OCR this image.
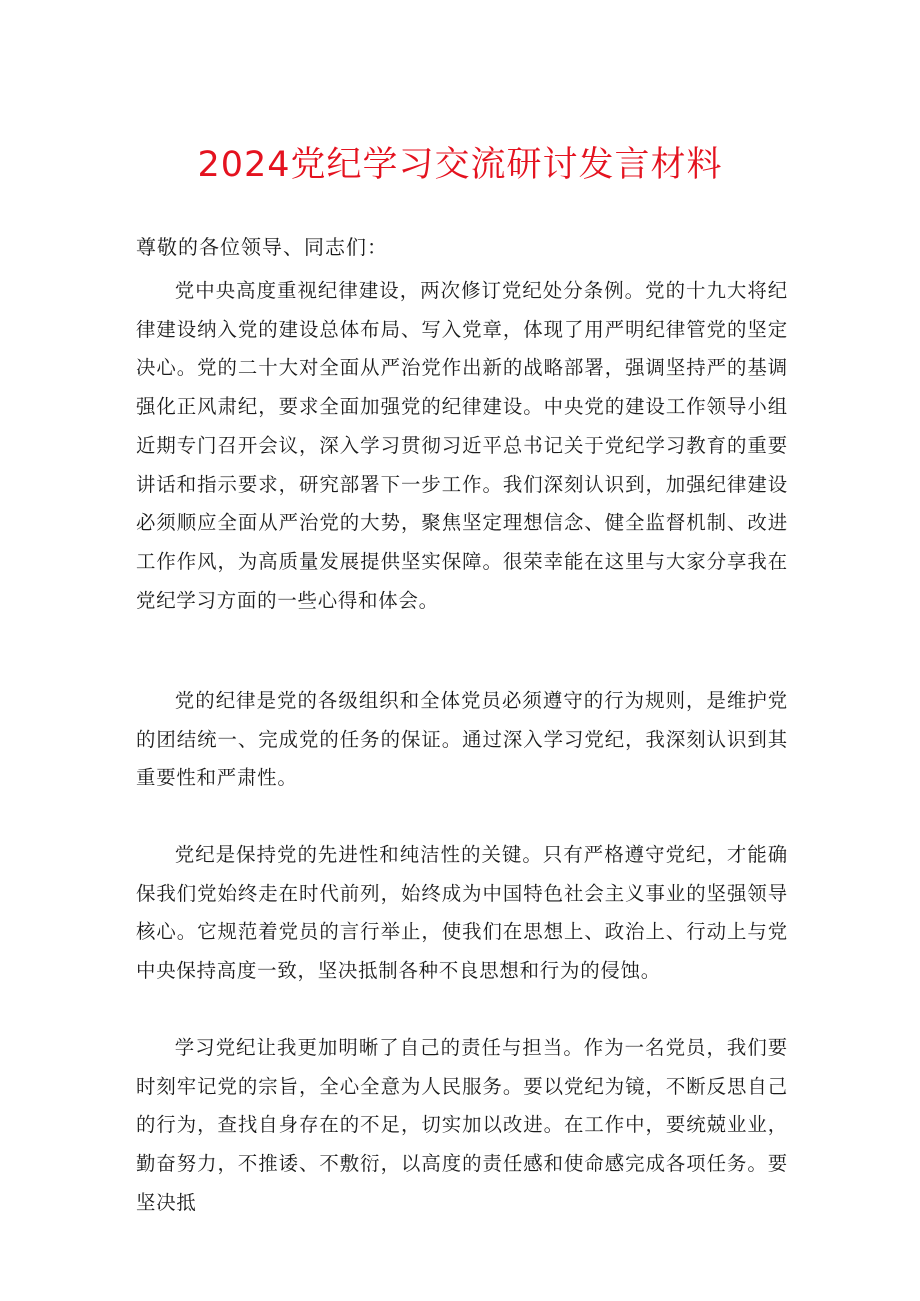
2024党纪学习交流研讨发言材料

尊敬的各位领导、同志们：

党中央高度重视纪律建设，两次修订党纪处分条例。党的十九大将纪律建设纳入党的建设总体布局、写入党章，体现了用严明纪律管党的坚定决心。党的二十大对全面从严治党作出新的战略部署，强调坚持严的基调强化正风肃纪，要求全面加强党的纪律建设。中央党的建设工作领导小组近期专门召开会议，深入学习贯彻习近平总书记关于党纪学习教育的重要讲话和指示要求，研究部署下一步工作。我们深刻认识到，加强纪律建设必须顺应全面从严治党的大势，聚焦坚定理想信念、健全监督机制、改进工作作风，为高质量发展提供坚实保障。很荣幸能在这里与大家分享我在党纪学习方面的一些心得和体会。

党的纪律是党的各级组织和全体党员必须遵守的行为规则，是维护党的团结统一、完成党的任务的保证。通过深入学习党纪，我深刻认识到其重要性和严肃性。

党纪是保持党的先进性和纯洁性的关键。只有严格遵守党纪，才能确保我们党始终走在时代前列，始终成为中国特色社会主义事业的坚强领导核心。它规范着党员的言行举止，使我们在思想上、政治上、行动上与党中央保持高度一致，坚决抵制各种不良思想和行为的侵蚀。

学习党纪让我更加明晰了自己的责任与担当。作为一名党员，我们要时刻牢记党的宗旨，全心全意为人民服务。要以党纪为镜，不断反思自己的行为，查找自身存在的不足，切实加以改进。在工作中，要统兢业业，勤奋努力，不推诿、不敷衍，以高度的责任感和使命感完成各项任务。要坚决抵
